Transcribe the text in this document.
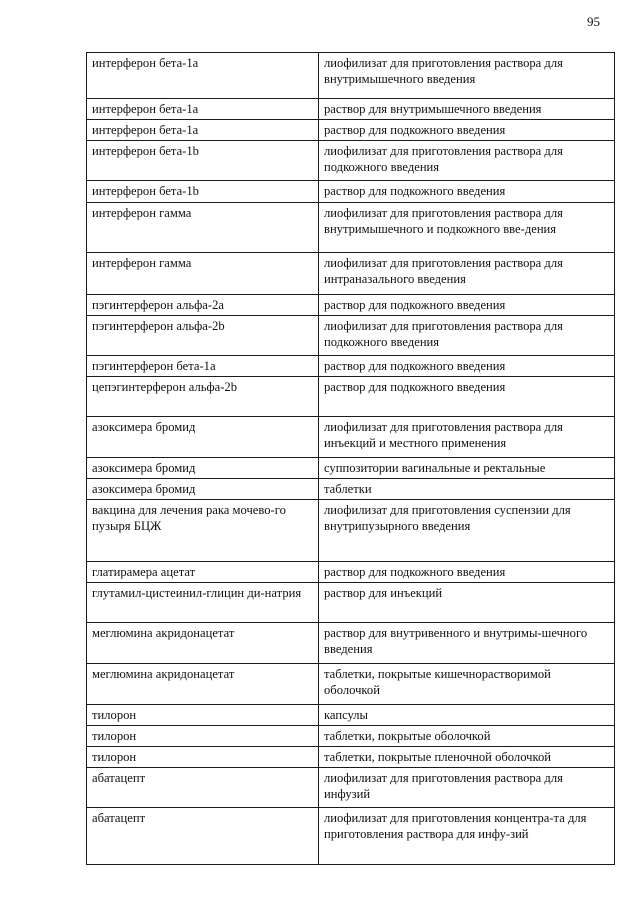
95
интерферон бета-1а	лиофилизат для приготовления раствора для внутримышечного введения
интерферон бета-1а	раствор для внутримышечного введения
интерферон бета-1а	раствор для подкожного введения
интерферон бета-1b	лиофилизат для приготовления раствора для подкожного введения
интерферон бета-1b	раствор для подкожного введения
интерферон гамма	лиофилизат для приготовления раствора для внутримышечного и подкожного вве-дения
интерферон гамма	лиофилизат для приготовления раствора для интраназального введения
пэгинтерферон альфа-2а	раствор для подкожного введения
пэгинтерферон альфа-2b	лиофилизат для приготовления раствора для подкожного введения
пэгинтерферон бета-1а	раствор для подкожного введения
цепэгинтерферон альфа-2b	раствор для подкожного введения
азоксимера бромид	лиофилизат для приготовления раствора для инъекций и местного применения
азоксимера бромид	суппозитории вагинальные и ректальные
азоксимера бромид	таблетки
вакцина для лечения рака мочево-го пузыря БЦЖ	лиофилизат для приготовления суспензии для внутрипузырного введения
глатирамера ацетат	раствор для подкожного введения
глутамил-цистеинил-глицин ди-натрия	раствор для инъекций
меглюмина акридонацетат	раствор для внутривенного и внутримы-шечного введения
меглюмина акридонацетат	таблетки, покрытые кишечнорастворимой оболочкой
тилорон	капсулы
тилорон	таблетки, покрытые оболочкой
тилорон	таблетки, покрытые пленочной оболочкой
абатацепт	лиофилизат для приготовления раствора для инфузий
абатацепт	лиофилизат для приготовления концентра-та для приготовления раствора для инфу-зий
